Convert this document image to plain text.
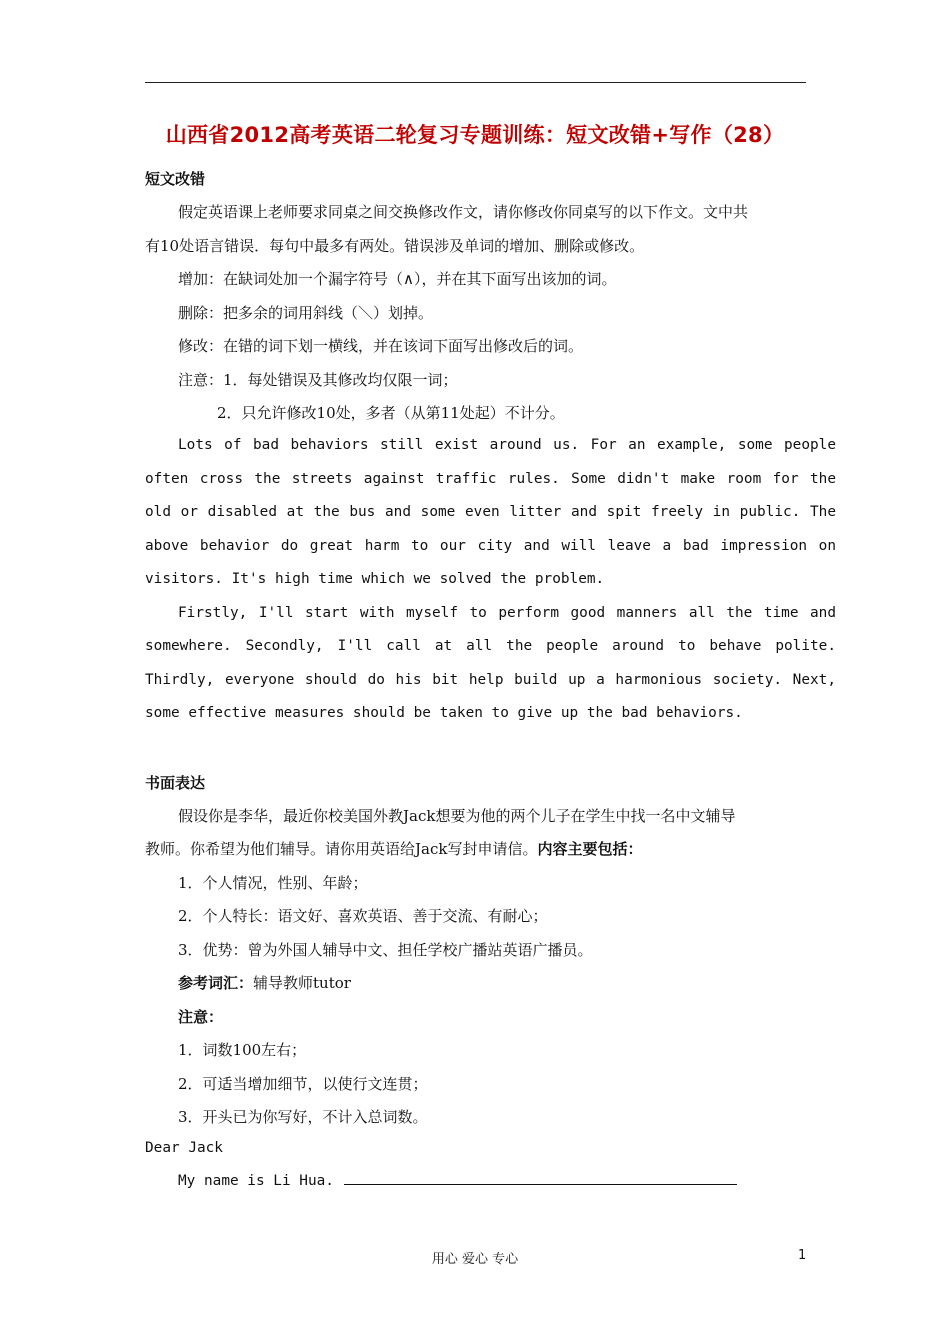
山西省2012高考英语二轮复习专题训练：短文改错+写作（28）
短文改错
假定英语课上老师要求同桌之间交换修改作文，请你修改你同桌写的以下作文。文中共
有10处语言错误．每句中最多有两处。错误涉及单词的增加、删除或修改。
增加：在缺词处加一个漏字符号（∧），并在其下面写出该加的词。
删除：把多余的词用斜线（＼）划掉。
修改：在错的词下划一横线，并在该词下面写出修改后的词。
注意：1．每处错误及其修改均仅限一词；
2．只允许修改10处，多者（从第11处起）不计分。

Lots of bad behaviors still exist around us. For an example, some people often cross the streets against traffic rules. Some didn't make room for the old or disabled at the bus and some even litter and spit freely in public. The above behavior do great harm to our city and will leave a bad impression on visitors. It's high time which we solved the problem.

Firstly, I'll start with myself to perform good manners all the time and somewhere. Secondly, I'll call at all the people around to behave polite. Thirdly, everyone should do his bit help build up a harmonious society. Next, some effective measures should be taken to give up the bad behaviors.

书面表达
假设你是李华，最近你校美国外教Jack想要为他的两个儿子在学生中找一名中文辅导
教师。你希望为他们辅导。请你用英语给Jack写封申请信。内容主要包括：
1．个人情况，性别、年龄；
2．个人特长：语文好、喜欢英语、善于交流、有耐心；
3．优势：曾为外国人辅导中文、担任学校广播站英语广播员。
参考词汇：辅导教师tutor
注意：
1．词数100左右；
2．可适当增加细节，以使行文连贯；
3．开头已为你写好，不计入总词数。
Dear Jack
My name is Li Hua.
用心 爱心 专心	1
